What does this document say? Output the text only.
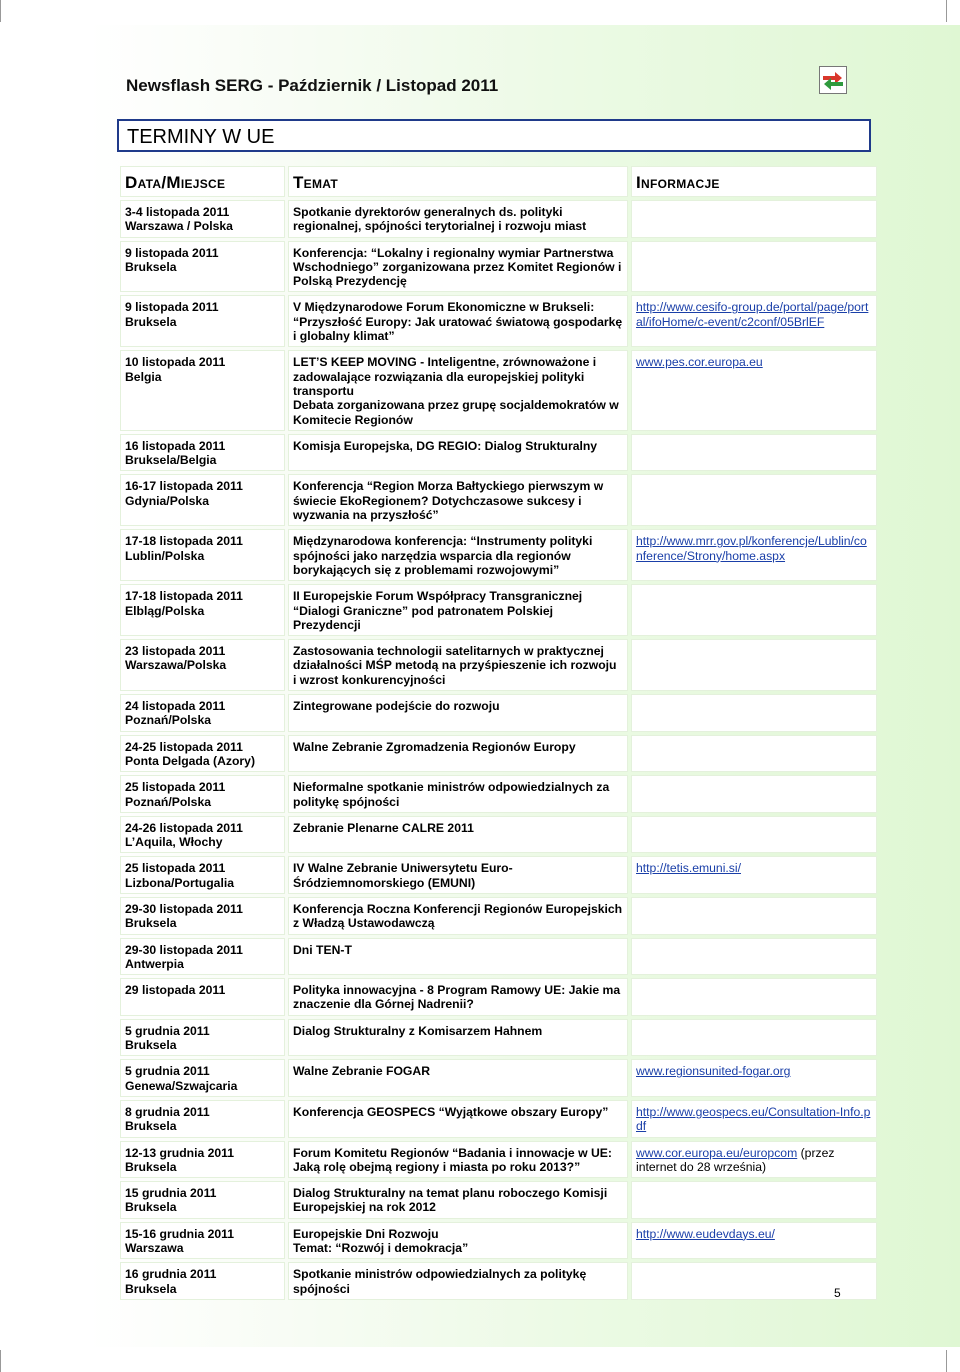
Newsflash SERG - Październik / Listopad 2011
TERMINY W UE
Data/Miejsce	Temat	Informacje

3-4 listopada 2011
Warszawa / Polska	Spotkanie dyrektorów generalnych ds. polityki regionalnej, spójności terytorialnej i rozwoju miast	

9 listopada 2011
Bruksela	Konferencja: “Lokalny i regionalny wymiar Partnerstwa Wschodniego” zorganizowana przez Komitet Regionów i Polską Prezydencję	

9 listopada 2011
Bruksela	V Międzynarodowe Forum Ekonomiczne w Brukseli: “Przyszłość Europy: Jak uratować światową gospodarkę i globalny klimat”	http://www.cesifo-group.de/portal/page/portal/ifoHome/c-event/c2conf/05BrlEF

10 listopada 2011
Belgia	LET’S KEEP MOVING - Inteligentne, zrównoważone i zadowalające rozwiązania dla europejskiej polityki transportu
Debata zorganizowana przez grupę socjaldemokratów w Komitecie Regionów	www.pes.cor.europa.eu

16 listopada 2011
Bruksela/Belgia	Komisja Europejska, DG REGIO: Dialog Strukturalny	

16-17 listopada 2011
Gdynia/Polska	Konferencja “Region Morza Bałtyckiego pierwszym w świecie EkoRegionem? Dotychczasowe sukcesy i wyzwania na przyszłość”	

17-18 listopada 2011
Lublin/Polska	Międzynarodowa konferencja: “Instrumenty polityki spójności jako narzędzia wsparcia dla regionów borykających się z problemami rozwojowymi”	http://www.mrr.gov.pl/konferencje/Lublin/conference/Strony/home.aspx

17-18 listopada 2011
Elbląg/Polska	II Europejskie Forum Współpracy Transgranicznej “Dialogi Graniczne” pod patronatem Polskiej Prezydencji	

23 listopada 2011
Warszawa/Polska	Zastosowania technologii satelitarnych w praktycznej działalności MŚP metodą na przyśpieszenie ich rozwoju i wzrost konkurencyjności	

24 listopada 2011
Poznań/Polska	Zintegrowane podejście do rozwoju	

24-25 listopada 2011
Ponta Delgada (Azory)	Walne Zebranie Zgromadzenia Regionów Europy	

25 listopada 2011
Poznań/Polska	Nieformalne spotkanie ministrów odpowiedzialnych za politykę spójności	

24-26 listopada 2011
L’Aquila, Włochy	Zebranie Plenarne CALRE 2011	

25 listopada 2011
Lizbona/Portugalia	IV Walne Zebranie Uniwersytetu Euro-Śródziemnomorskiego (EMUNI)	http://tetis.emuni.si/

29-30 listopada 2011
Bruksela	Konferencja Roczna Konferencji Regionów Europejskich z Władzą Ustawodawczą	

29-30 listopada 2011
Antwerpia	Dni TEN-T	

29 listopada 2011	Polityka innowacyjna - 8 Program Ramowy UE: Jakie ma znaczenie dla Górnej Nadrenii?	

5 grudnia 2011
Bruksela	Dialog Strukturalny z Komisarzem Hahnem	

5 grudnia 2011
Genewa/Szwajcaria	Walne Zebranie FOGAR	www.regionsunited-fogar.org

8 grudnia 2011
Bruksela	Konferencja GEOSPECS “Wyjątkowe obszary Europy”	http://www.geospecs.eu/Consultation-Info.pdf

12-13 grudnia 2011
Bruksela	Forum Komitetu Regionów “Badania i innowacje w UE: Jaką rolę obejmą regiony i miasta po roku 2013?”	www.cor.europa.eu/europcom (przez internet do 28 września)

15 grudnia 2011
Bruksela	Dialog Strukturalny na temat planu roboczego Komisji Europejskiej na rok 2012	

15-16 grudnia 2011
Warszawa	Europejskie Dni Rozwoju
Temat: “Rozwój i demokracja”	http://www.eudevdays.eu/

16 grudnia 2011
Bruksela	Spotkanie ministrów odpowiedzialnych za politykę spójności		5
